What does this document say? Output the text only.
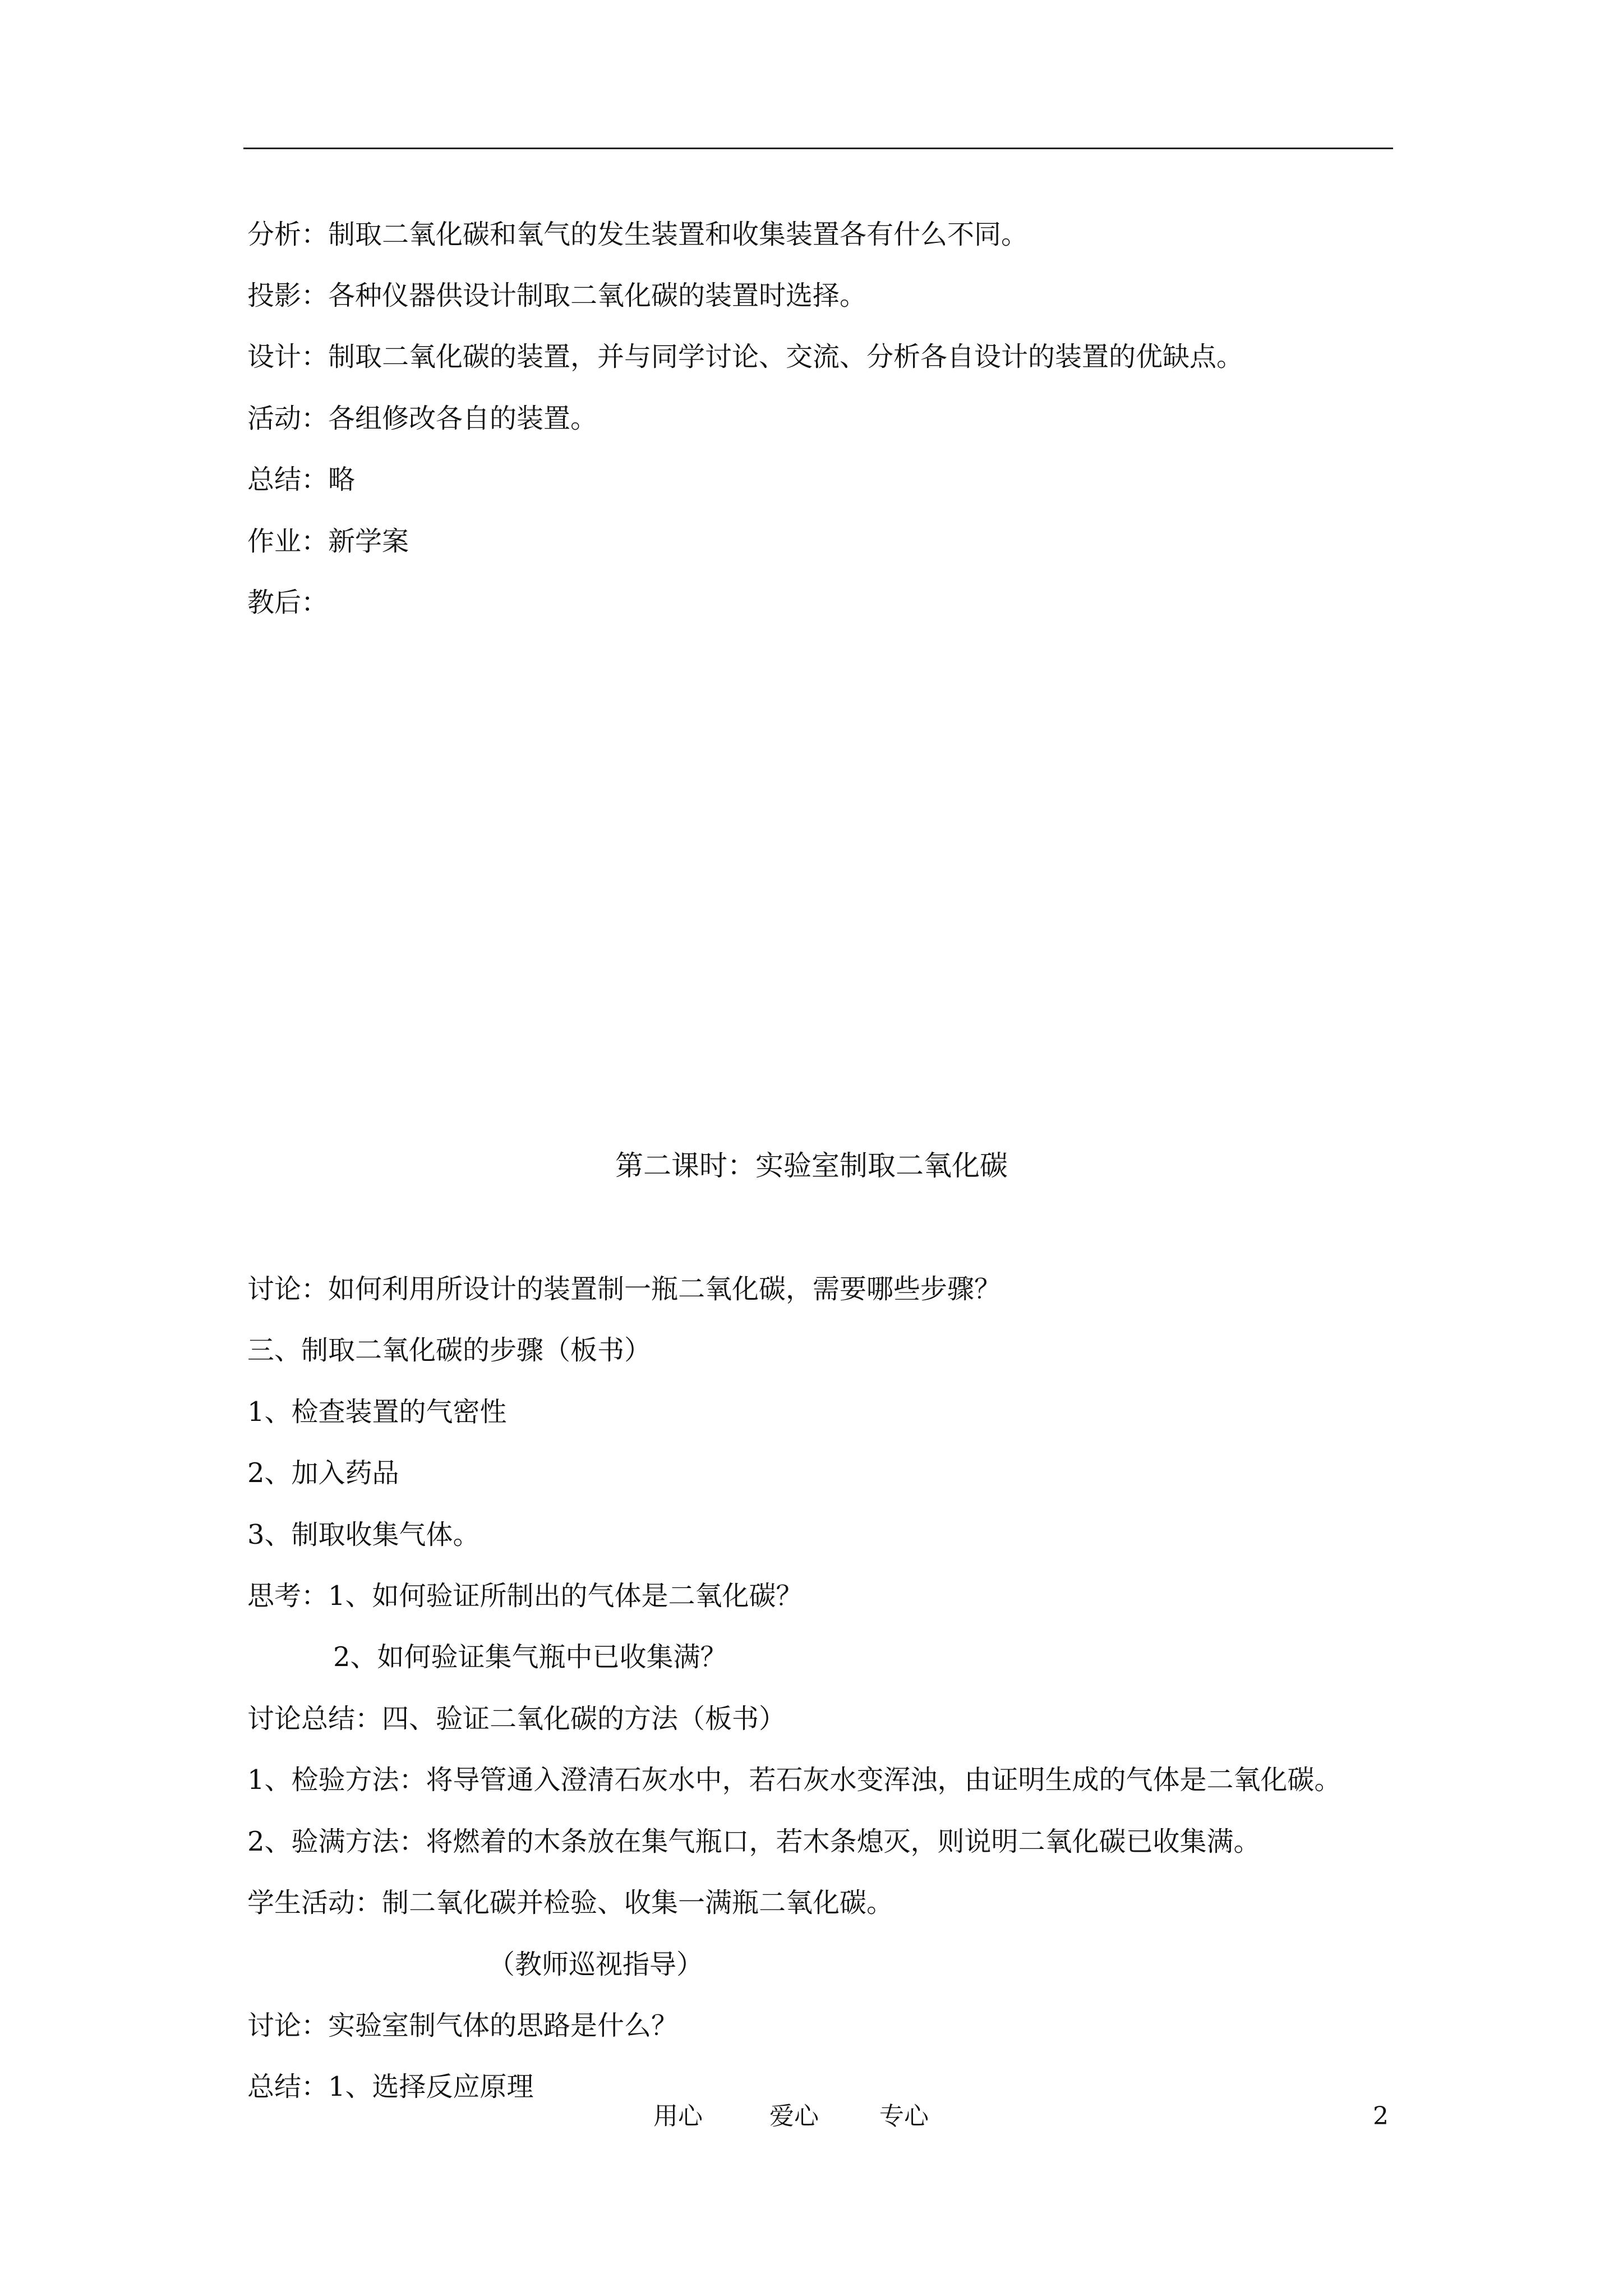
分析：制取二氧化碳和氧气的发生装置和收集装置各有什么不同。
投影：各种仪器供设计制取二氧化碳的装置时选择。
设计：制取二氧化碳的装置，并与同学讨论、交流、分析各自设计的装置的优缺点。
活动：各组修改各自的装置。
总结：略
作业：新学案
教后：
第二课时：实验室制取二氧化碳
讨论：如何利用所设计的装置制一瓶二氧化碳，需要哪些步骤？
三、制取二氧化碳的步骤（板书）
1、检查装置的气密性
2、加入药品
3、制取收集气体。
思考：1、如何验证所制出的气体是二氧化碳？
2、如何验证集气瓶中已收集满？
讨论总结：四、验证二氧化碳的方法（板书）
1、检验方法：将导管通入澄清石灰水中，若石灰水变浑浊，由证明生成的气体是二氧化碳。
2、验满方法：将燃着的木条放在集气瓶口，若木条熄灭，则说明二氧化碳已收集满。
学生活动：制二氧化碳并检验、收集一满瓶二氧化碳。
（教师巡视指导）
讨论：实验室制气体的思路是什么？
总结：1、选择反应原理
用心	爱心 专心	2
